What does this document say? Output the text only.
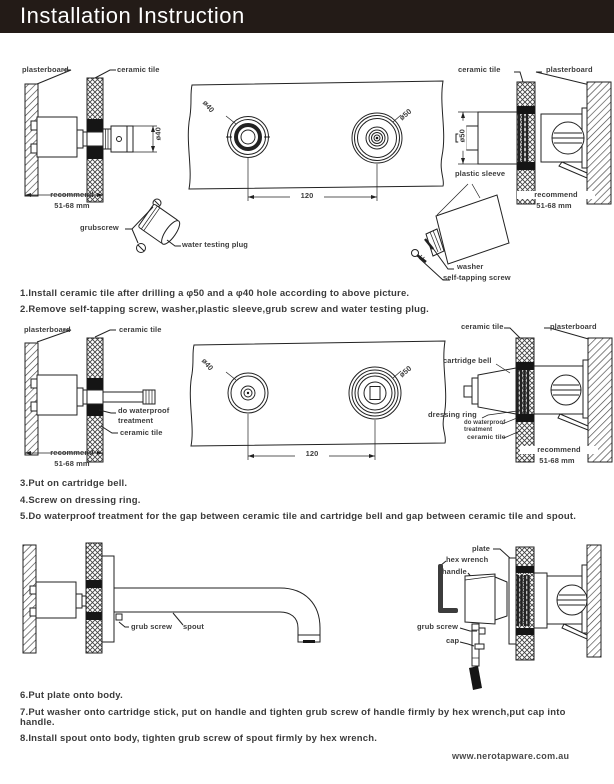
Installation Instruction
plasterboard	ceramic tile
ø40
recommend
51-68 mm
ø40
ø50
120
ceramic tile	plasterboard
ø50
plastic sleeve
recommend
51-68 mm
washer
self-tapping screw
grubscrew
water testing plug

1.Install ceramic tile after drilling a φ50 and a φ40 hole according to above picture.

2.Remove self-tapping screw, washer,plastic sleeve,grub screw and water testing plug.

plasterboard	ceramic tile
do waterproof
treatment
ceramic tile
recommend
51-68 mm
ø40	ø50
120
ceramic tile	plasterboard
cartridge bell
dressing ring
do waterproof
treatment
ceramic tile
recommend
51-68 mm

3.Put on cartridge bell.

4.Screw on dressing ring.

5.Do waterproof treatment for the gap between ceramic tile and cartridge bell and gap between ceramic tile and spout.

grub screw spout
plate
hex wrench
handle
grub screw
cap

6.Put plate onto body.

7.Put washer onto cartridge stick, put on handle and tighten grub screw of handle firmly by hex wrench,put cap into handle.

8.Install spout onto body, tighten grub screw of spout firmly by hex wrench.

www.nerotapware.com.au
